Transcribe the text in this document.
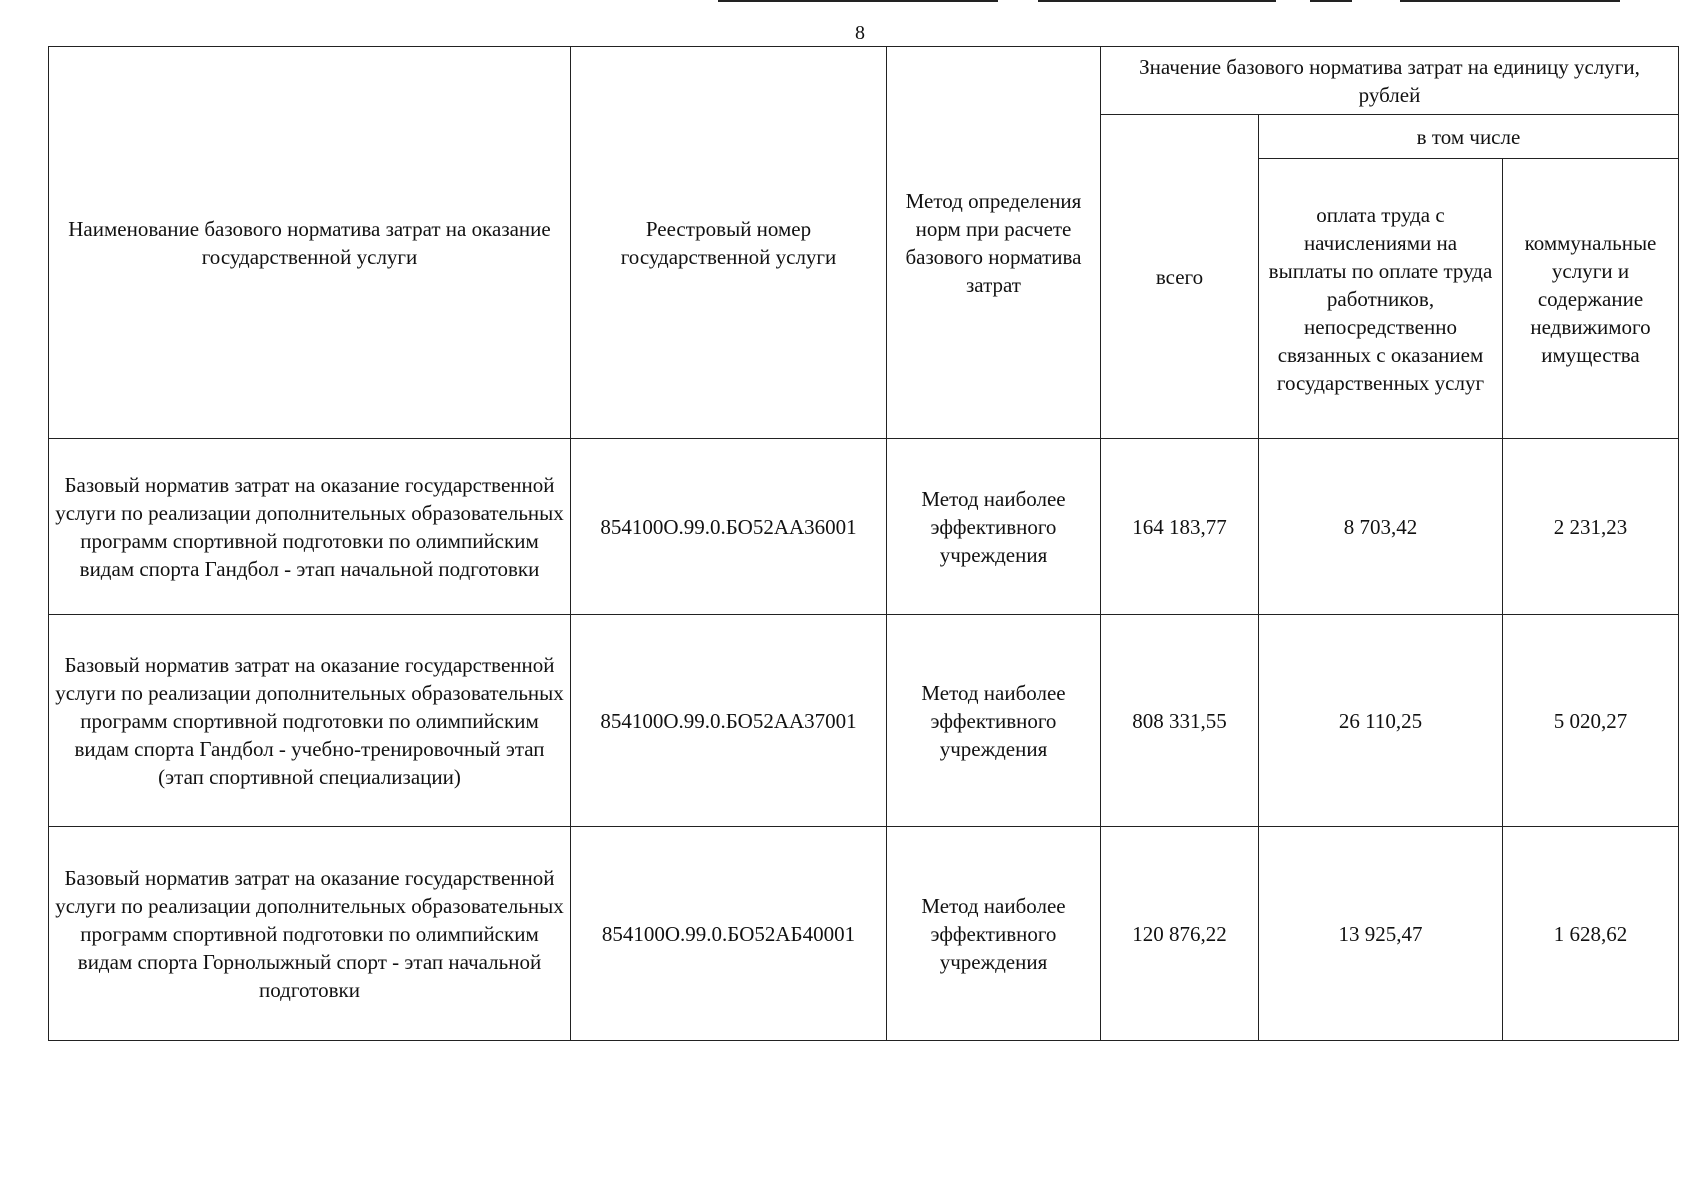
8
Наименование базового норматива затрат на оказание государственной услуги	Реестровый номер государственной услуги	Метод определения норм при расчете базового норматива затрат	Значение базового норматива затрат на единицу услуги, рублей		
			всего	в том числе	
				оплата труда с начислениями на выплаты по оплате труда работников, непосредственно связанных с оказанием государственных услуг	коммунальные услуги и содержание недвижимого имущества
Базовый норматив затрат на оказание государственной услуги по реализации дополнительных образовательных программ спортивной подготовки по олимпийским видам спорта Гандбол - этап начальной подготовки	854100О.99.0.БО52АА36001	Метод наиболее эффективного учреждения	164 183,77	8 703,42	2 231,23
Базовый норматив затрат на оказание государственной услуги по реализации дополнительных образовательных программ спортивной подготовки по олимпийским видам спорта Гандбол - учебно-тренировочный этап (этап спортивной специализации)	854100О.99.0.БО52АА37001	Метод наиболее эффективного учреждения	808 331,55	26 110,25	5 020,27
Базовый норматив затрат на оказание государственной услуги по реализации дополнительных образовательных программ спортивной подготовки по олимпийским видам спорта Горнолыжный спорт - этап начальной подготовки	854100О.99.0.БО52АБ40001	Метод наиболее эффективного учреждения	120 876,22	13 925,47	1 628,62
